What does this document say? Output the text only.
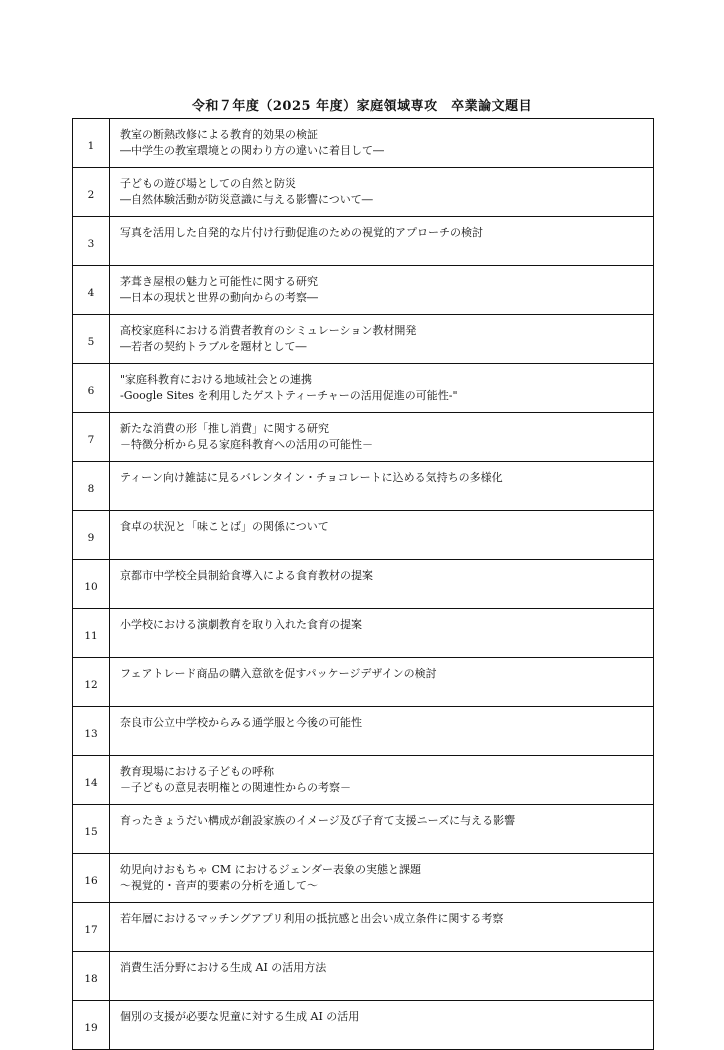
令和７年度（2025 年度）家庭領域専攻　卒業論文題目
1	教室の断熱改修による教育的効果の検証
―中学生の教室環境との関わり方の違いに着目して―

2	子どもの遊び場としての自然と防災
―自然体験活動が防災意識に与える影響について―

3	写真を活用した自発的な片付け行動促進のための視覚的アプローチの検討

4	茅葺き屋根の魅力と可能性に関する研究
―日本の現状と世界の動向からの考察―

5	高校家庭科における消費者教育のシミュレーション教材開発
―若者の契約トラブルを題材として―

6	"家庭科教育における地域社会との連携
-Google Sites を利用したゲストティーチャーの活用促進の可能性-"

7	新たな消費の形「推し消費」に関する研究
－特徴分析から見る家庭科教育への活用の可能性－

8	ティーン向け雑誌に見るバレンタイン・チョコレートに込める気持ちの多様化

9	食卓の状況と「味ことば」の関係について

10	京都市中学校全員制給食導入による食育教材の提案

11	小学校における演劇教育を取り入れた食育の提案

12	フェアトレード商品の購入意欲を促すパッケージデザインの検討

13	奈良市公立中学校からみる通学服と今後の可能性

14	教育現場における子どもの呼称
－子どもの意見表明権との関連性からの考察－

15	育ったきょうだい構成が創設家族のイメージ及び子育て支援ニーズに与える影響

16	幼児向けおもちゃ CM におけるジェンダー表象の実態と課題
～視覚的・音声的要素の分析を通して～

17	若年層におけるマッチングアプリ利用の抵抗感と出会い成立条件に関する考察

18	消費生活分野における生成 AI の活用方法

19	個別の支援が必要な児童に対する生成 AI の活用
